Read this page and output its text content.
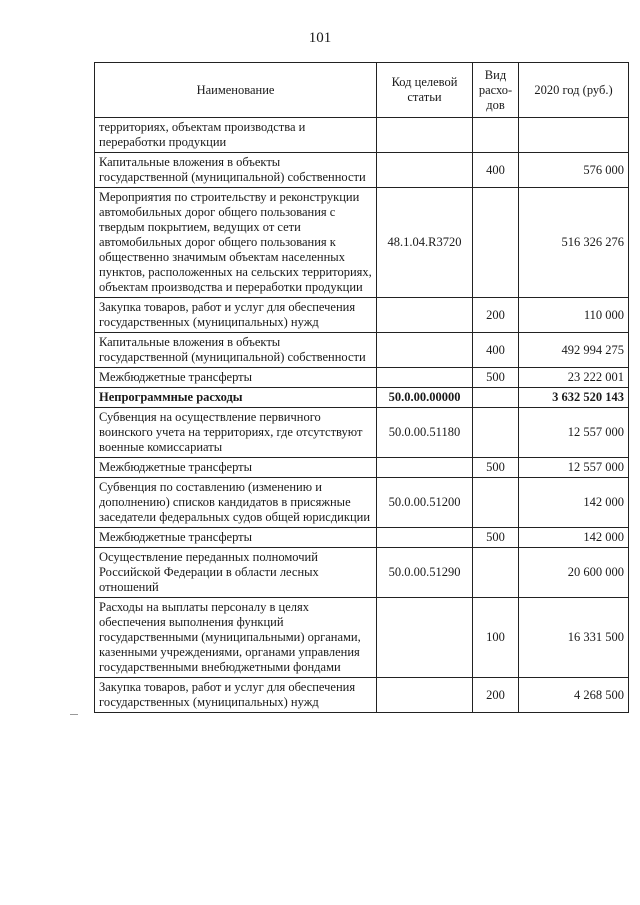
101
Наименование	Код целевой статьи	Вид расхо-дов	2020 год (руб.)
территориях, объектам производства и переработки продукции			
Капитальные вложения в объекты государственной (муниципальной) собственности		400	576 000
Мероприятия по строительству и реконструкции автомобильных дорог общего пользования с твердым покрытием, ведущих от сети автомобильных дорог общего пользования к общественно значимым объектам населенных пунктов, расположенных на сельских территориях, объектам производства и переработки продукции	48.1.04.R3720		516 326 276
Закупка товаров, работ и услуг для обеспечения государственных (муниципальных) нужд		200	110 000
Капитальные вложения в объекты государственной (муниципальной) собственности		400	492 994 275
Межбюджетные трансферты		500	23 222 001
Непрограммные расходы	50.0.00.00000		3 632 520 143
Субвенция на осуществление первичного воинского учета на территориях, где отсутствуют военные комиссариаты	50.0.00.51180		12 557 000
Межбюджетные трансферты		500	12 557 000
Субвенция по составлению (изменению и дополнению) списков кандидатов в присяжные заседатели федеральных судов общей юрисдикции	50.0.00.51200		142 000
Межбюджетные трансферты		500	142 000
Осуществление переданных полномочий Российской Федерации в области лесных отношений	50.0.00.51290		20 600 000
Расходы на выплаты персоналу в целях обеспечения выполнения функций государственными (муниципальными) органами, казенными учреждениями, органами управления государственными внебюджетными фондами		100	16 331 500
Закупка товаров, работ и услуг для обеспечения государственных (муниципальных) нужд		200	4 268 500
